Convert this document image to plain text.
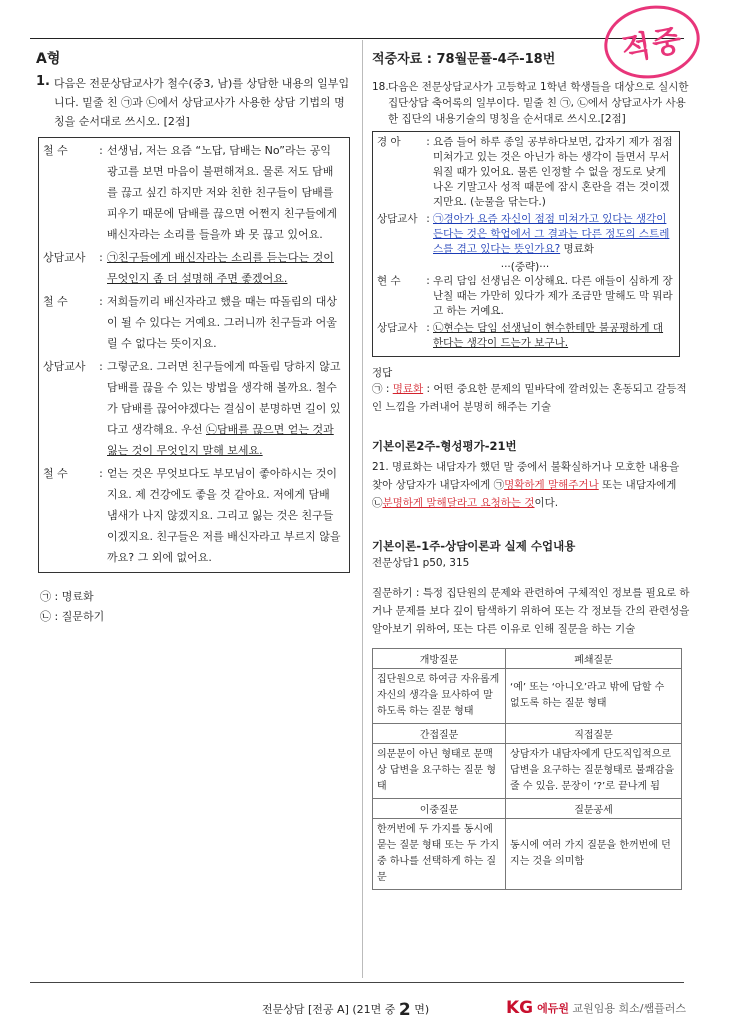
A형
1. 다음은 전문상담교사가 철수(중3, 남)를 상담한 내용의 일부입니다. 밑줄 친 ㉠과 ㉡에서 상담교사가 사용한 상담 기법의 명칭을 순서대로 쓰시오. [2점]
철 수	: 선생님, 저는 요즘 “노답, 담배는 No”라는 공익 광고를 보면 마음이 불편해져요. 물론 저도 담배를 끊고 싶긴 하지만 저와 친한 친구들이 담배를 피우기 때문에 담배를 끊으면 어쩐지 친구들에게 배신자라는 소리를 들을까 봐 못 끊고 있어요.
상담교사	: ㉠친구들에게 배신자라는 소리를 듣는다는 것이 무엇인지 좀 더 설명해 주면 좋겠어요.
철 수	: 저희들끼리 배신자라고 했을 때는 따돌림의 대상이 될 수 있다는 거예요. 그러니까 친구들과 어울릴 수 없다는 뜻이지요.
상담교사	: 그렇군요. 그러면 친구들에게 따돌림 당하지 않고 담배를 끊을 수 있는 방법을 생각해 볼까요. 철수가 담배를 끊어야겠다는 결심이 분명하면 길이 있다고 생각해요. 우선 ㉡담배를 끊으면 얻는 것과 잃는 것이 무엇인지 말해 보세요.
철 수	: 얻는 것은 무엇보다도 부모님이 좋아하시는 것이지요. 제 건강에도 좋을 것 같아요. 저에게 담배 냄새가 나지 않겠지요. 그리고 잃는 것은 친구들이겠지요. 친구들은 저를 배신자라고 부르지 않을까요? 그 외에 없어요.
㉠ : 명료화
㉡ : 질문하기
적중자료 : 78월문풀-4주-18번
18. 다음은 전문상담교사가 고등학교 1학년 학생들을 대상으로 실시한 집단상담 축어록의 일부이다. 밑줄 친 ㉠, ㉡에서 상담교사가 사용한 집단의 내용기술의 명칭을 순서대로 쓰시오.[2점]
경 아	: 요즘 들어 하루 종일 공부하다보면, 갑자기 제가 점점 미쳐가고 있는 것은 아닌가 하는 생각이 들면서 무서워질 때가 있어요. 물론 인정할 수 없을 정도로 낮게 나온 기말고사 성적 때문에 잠시 혼란을 겪는 것이겠지만요. (눈물을 닦는다.)
상담교사 : ㉠경아가 요즘 자신이 점점 미쳐가고 있다는 생각이 든다는 것은 학업에서 그 결과는 다른 정도의 스트레스를 겪고 있다는 뜻인가요? 명료화
···(중략)···
현 수	: 우리 담임 선생님은 이상해요. 다른 애들이 심하게 장난칠 때는 가만히 있다가 제가 조금만 말해도 막 뭐라고 하는 거예요.
상담교사 : ㉡현수는 담임 선생님이 현수한테만 불공평하게 대한다는 생각이 드는가 보구나.
정답
㉠ : 명료화 : 어떤 중요한 문제의 밑바닥에 깔려있는 혼동되고 갈등적인 느낌을 가려내어 분명히 해주는 기술
기본이론2주-형성평가-21번
21. 명료화는 내담자가 했던 말 중에서 불확실하거나 모호한 내용을 찾아 상담자가 내담자에게 ㉠명확하게 말해주거나 또는 내담자에게 ㉡분명하게 말해달라고 요청하는 것이다.
기본이론-1주-상담이론과 실제 수업내용
전문상담1 p50, 315
질문하기 : 특정 집단원의 문제와 관련하여 구체적인 정보를 필요로 하거나 문제를 보다 깊이 탐색하기 위하여 또는 각 정보들 간의 관련성을 알아보기 위하여, 또는 다른 이유로 인해 질문을 하는 기술
개방질문	폐쇄질문
집단원으로 하여금 자유롭게 자신의 생각을 묘사하여 말하도록 하는 질문 형태	‘예’ 또는 ‘아니오’라고 밖에 답할 수 없도록 하는 질문 형태
간접질문	직접질문
의문문이 아닌 형태로 문맥상 답변을 요구하는 질문 형태	상담자가 내담자에게 단도직입적으로 답변을 요구하는 질문형태로 불쾌감을 줄 수 있음. 문장이 ‘?’로 끝나게 됨
이중질문	질문공세
한꺼번에 두 가지를 동시에 묻는 질문 형태 또는 두 가지 중 하나를 선택하게 하는 질문	동시에 여러 가지 질문을 한꺼번에 던지는 것을 의미함
적중
전문상담 [전공 A] (21면 중 2 면)	KG 에듀원 교원임용 희소/쌤플러스
